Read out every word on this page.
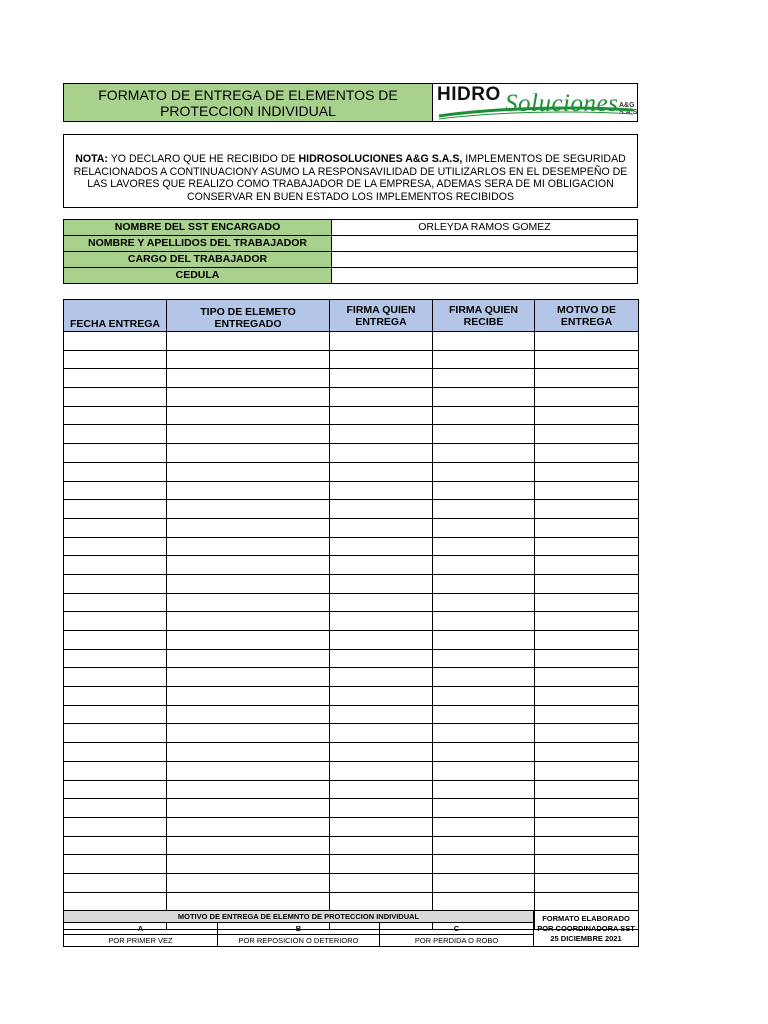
FORMATO DE ENTREGA DE ELEMENTOS DE PROTECCION INDIVIDUAL
HIDRO Soluciones A&G S.A.S
NOTA: YO DECLARO QUE HE RECIBIDO DE HIDROSOLUCIONES A&G S.A.S, IMPLEMENTOS DE SEGURIDAD RELACIONADOS A CONTINUACIONY ASUMO LA RESPONSAVILIDAD DE UTILIZARLOS EN EL DESEMPEÑO DE LAS LAVORES QUE REALIZO COMO TRABAJADOR DE LA EMPRESA, ADEMAS SERA DE MI OBLIGACION CONSERVAR EN BUEN ESTADO LOS IMPLEMENTOS RECIBIDOS
NOMBRE DEL SST ENCARGADO	ORLEYDA RAMOS GOMEZ
NOMBRE Y APELLIDOS DEL TRABAJADOR	
CARGO DEL TRABAJADOR	
CEDULA	
FECHA ENTREGA	TIPO DE ELEMETO ENTREGADO	FIRMA QUIEN ENTREGA	FIRMA QUIEN RECIBE	MOTIVO DE ENTREGA

MOTIVO DE ENTREGA DE ELEMNTO DE PROTECCION INDIVIDUAL			FORMATO ELABORADO POR COORDINADORA SST 25 DICIEMBRE 2021
A	B	C	
POR PRIMER VEZ	POR REPOSICION O DETERIORO	POR PERDIDA O ROBO	
